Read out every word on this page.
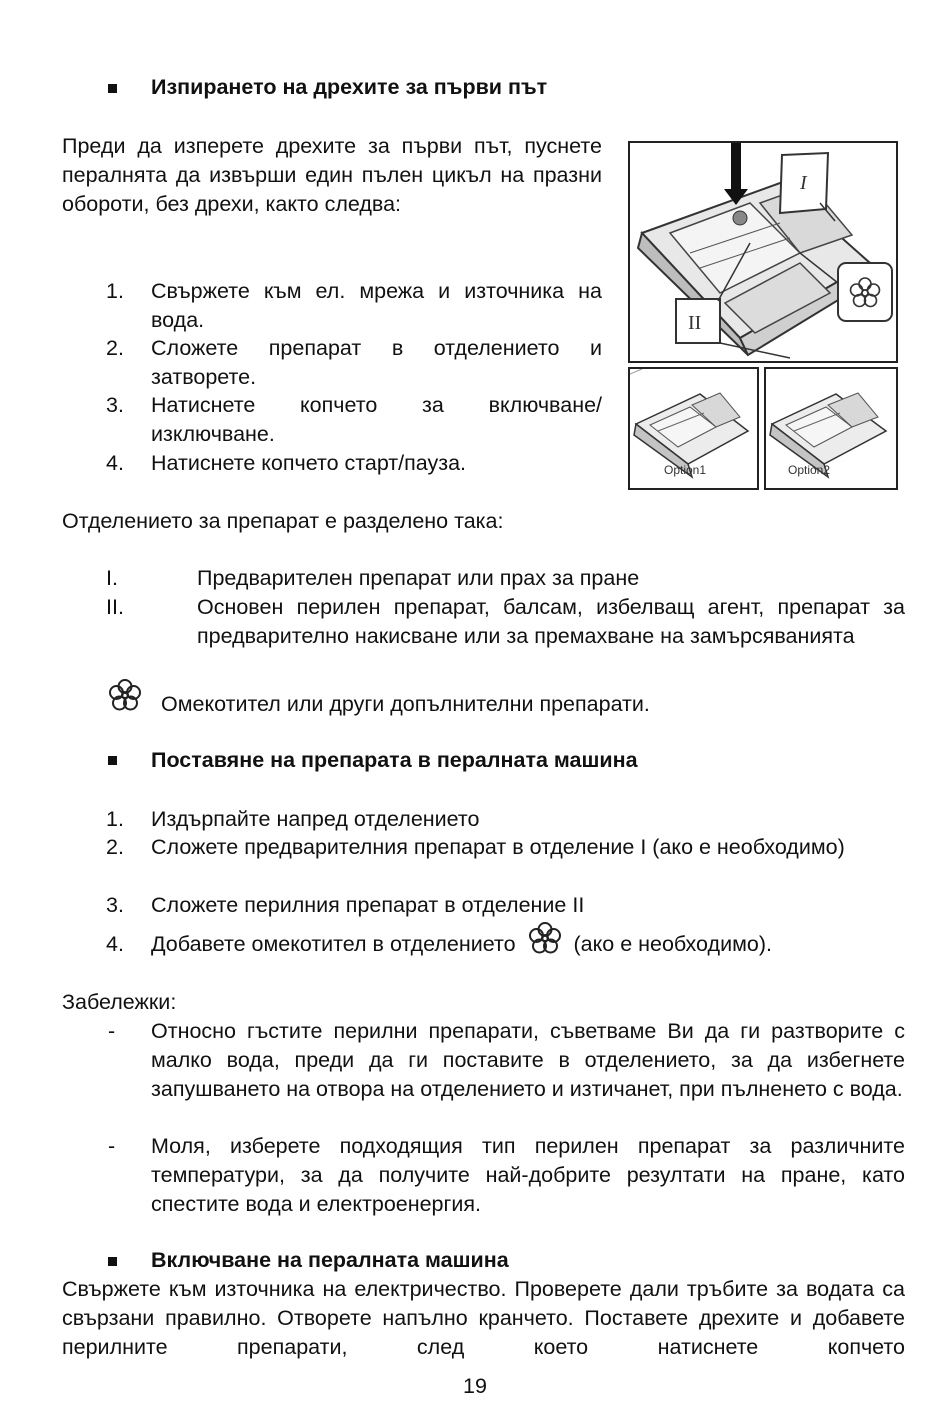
Изпирането на дрехите за първи път
Преди да изперете дрехите за първи път, пуснете пералнята да извърши един пълен цикъл на празни обороти, без дрехи, както следва:
1. Свържете към ел. мрежа и източника на вода.
2. Сложете препарат в отделението и затворете.
3. Натиснете копчето за включване/изключване.
4. Натиснете копчето старт/пауза.
I
II
Option1	Option2
Отделението за препарат е разделено така:
I.	Предварителен препарат или прах за пране
II.	Основен перилен препарат, балсам, избелващ агент, препарат за предварително накисване или за премахване на замърсяванията
Омекотител или други допълнителни препарати.
Поставяне на препарата в пералната машина
1. Издърпайте напред отделението
2. Сложете предварителния препарат в отделение I (ако е необходимо)
3. Сложете перилния препарат в отделение II
4. Добавете омекотител в отделението	(ако е необходимо).
Забележки:
- Относно гъстите перилни препарати, съветваме Ви да ги разтворите с малко вода, преди да ги поставите в отделението, за да избегнете запушването на отвора на отделението и изтичанет, при пълненето с вода.
- Моля, изберете подходящия тип перилен препарат за различните температури, за да получите най-добрите резултати на пране, като спестите вода и електроенергия.
Включване на пералната машина
Свържете към източника на електричество. Проверете дали тръбите за водата са свързани правилно. Отворете напълно кранчето. Поставете дрехите и добавете перилните препарати, след което натиснете копчето
19
